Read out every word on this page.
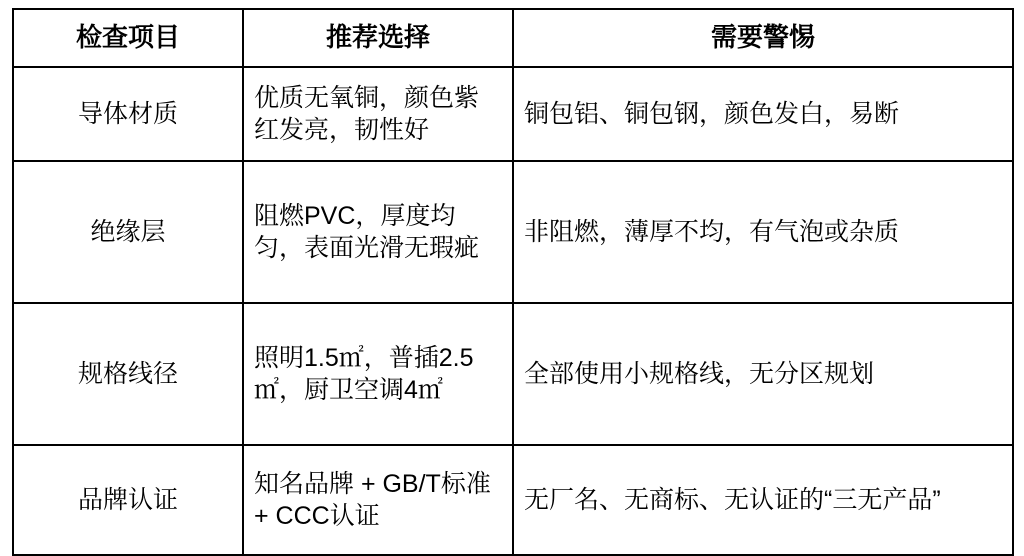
检查项目	推荐选择	需要警惕
导体材质	优质无氧铜，颜色紫红发亮，韧性好	铜包铝、铜包钢，颜色发白，易断
绝缘层	阻燃PVC，厚度均匀，表面光滑无瑕疵	非阻燃，薄厚不均，有气泡或杂质
规格线径	照明1.5㎡，普插2.5㎡，厨卫空调4㎡	全部使用小规格线，无分区规划
品牌认证	知名品牌 + GB/T标准 + CCC认证	无厂名、无商标、无认证的“三无产品”
